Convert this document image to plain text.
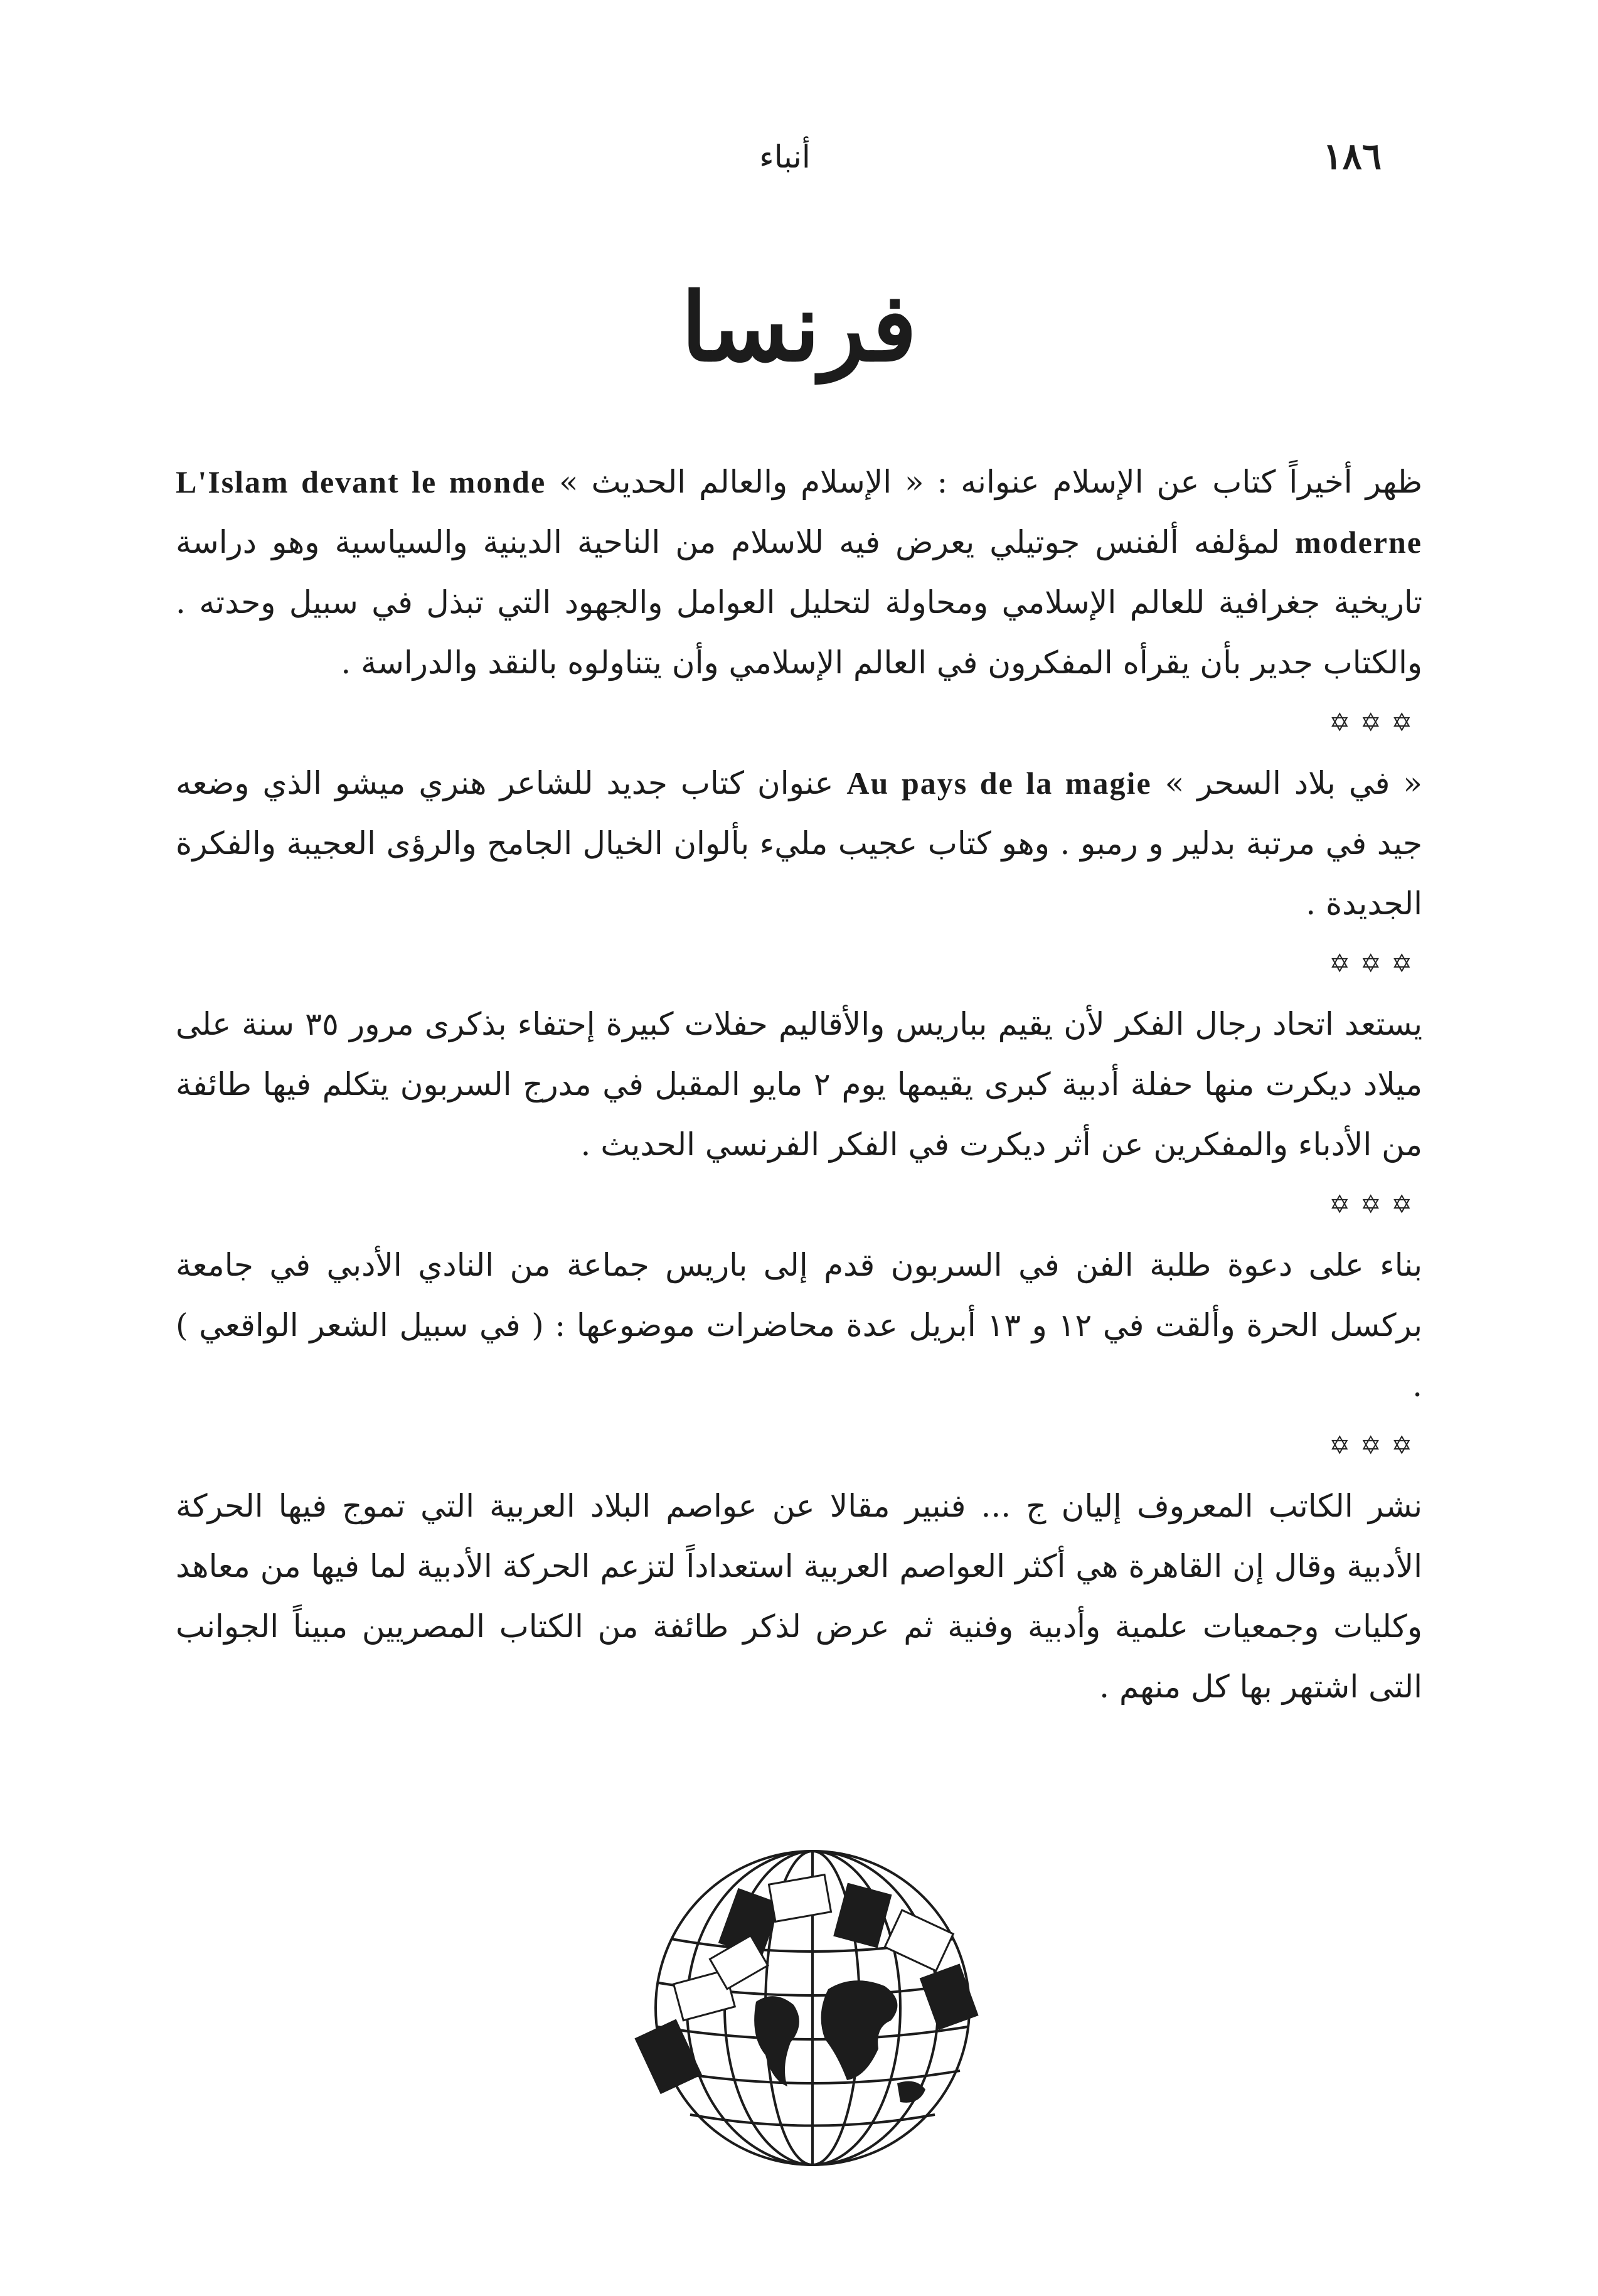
١٨٦
أنباء
فرنسا

ظهر أخيراً كتاب عن الإسلام عنوانه : « الإسلام والعالم الحديث » L'Islam devant le monde moderne لمؤلفه ألفنس جوتيلي يعرض فيه للاسلام من الناحية الدينية والسياسية وهو دراسة تاريخية جغرافية للعالم الإسلامي ومحاولة لتحليل العوامل والجهود التي تبذل في سبيل وحدته . والكتاب جدير بأن يقرأه المفكرون في العالم الإسلامي وأن يتناولوه بالنقد والدراسة .

✡✡✡

« في بلاد السحر » Au pays de la magie عنوان كتاب جديد للشاعر هنري ميشو الذي وضعه جيد في مرتبة بدلير و رمبو . وهو كتاب عجيب مليء بألوان الخيال الجامح والرؤى العجيبة والفكرة الجديدة .

✡✡✡

يستعد اتحاد رجال الفكر لأن يقيم بباريس والأقاليم حفلات كبيرة إحتفاء بذكرى مرور ٣٥ سنة على ميلاد ديكرت منها حفلة أدبية كبرى يقيمها يوم ٢ مايو المقبل في مدرج السربون يتكلم فيها طائفة من الأدباء والمفكرين عن أثر ديكرت في الفكر الفرنسي الحديث .

✡✡✡

بناء على دعوة طلبة الفن في السربون قدم إلى باريس جماعة من النادي الأدبي في جامعة بركسل الحرة وألقت في ١٢ و ١٣ أبريل عدة محاضرات موضوعها : ( في سبيل الشعر الواقعي ) .

✡✡✡

نشر الكاتب المعروف إليان ج ... فنبير مقالا عن عواصم البلاد العربية التي تموج فيها الحركة الأدبية وقال إن القاهرة هي أكثر العواصم العربية استعداداً لتزعم الحركة الأدبية لما فيها من معاهد وكليات وجمعيات علمية وأدبية وفنية ثم عرض لذكر طائفة من الكتاب المصريين مبيناً الجوانب التى اشتهر بها كل منهم .
